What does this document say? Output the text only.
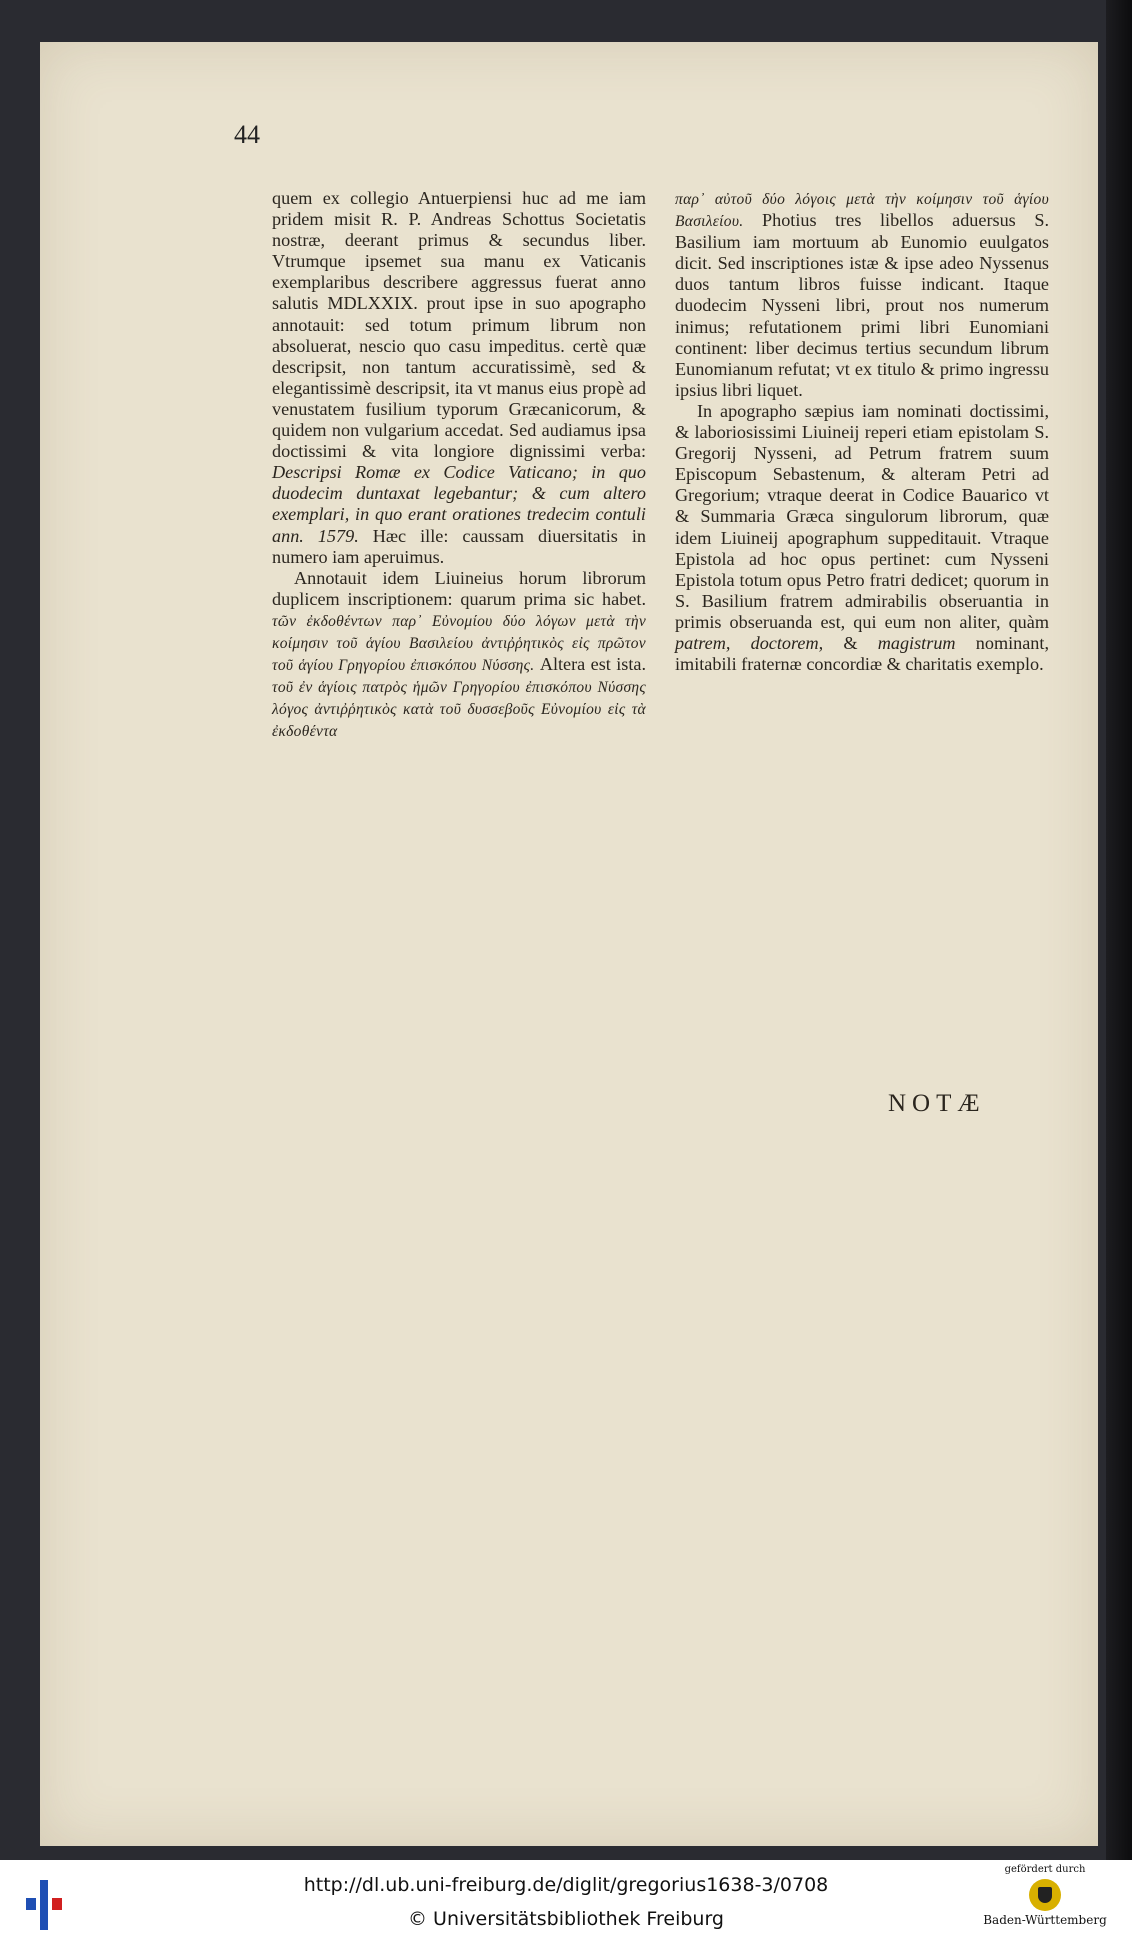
44

quem ex collegio Antuerpiensi huc ad me iam pridem misit R. P. Andreas Schottus Societatis nostræ, deerant primus & secundus liber. Vtrumque ipsemet sua manu ex Vaticanis exemplaribus describere aggressus fuerat anno salutis MDLXXIX. prout ipse in suo apographo annotauit: sed totum primum librum non absoluerat, nescio quo casu impeditus. certè quæ descripsit, non tantum accuratissimè, sed & elegantissimè descripsit, ita vt manus eius propè ad venustatem fusilium typorum Græcanicorum, & quidem non vulgarium accedat. Sed audiamus ipsa doctissimi & vita longiore dignissimi verba: Descripsi Romæ ex Codice Vaticano; in quo duodecim duntaxat legebantur; & cum altero exemplari, in quo erant orationes tredecim contuli ann. 1579. Hæc ille: caussam diuersitatis in numero iam aperuimus.

Annotauit idem Liuineius horum librorum duplicem inscriptionem: quarum prima sic habet. τῶν ἐκδοθέντων παρ᾽ Εὐνομίου δύο λόγων μετὰ τὴν κοίμησιν τοῦ ἁγίου Βασιλείου ἀντιῤῥητικὸς εἰς πρῶτον τοῦ ἁγίου Γρηγορίου ἐπισκόπου Νύσσης. Altera est ista. τοῦ ἐν ἁγίοις πατρὸς ἡμῶν Γρηγορίου ἐπισκόπου Νύσσης λόγος ἀντιῤῥητικὸς κατὰ τοῦ δυσσεβοῦς Εὐνομίου εἰς τὰ ἐκδοθέντα

παρ᾽ αὐτοῦ δύο λόγοις μετὰ τὴν κοίμησιν τοῦ ἁγίου Βασιλείου. Photius tres libellos aduersus S. Basilium iam mortuum ab Eunomio euulgatos dicit. Sed inscriptiones istæ & ipse adeo Nyssenus duos tantum libros fuisse indicant. Itaque duodecim Nysseni libri, prout nos numerum inimus; refutationem primi libri Eunomiani continent: liber decimus tertius secundum librum Eunomianum refutat; vt ex titulo & primo ingressu ipsius libri liquet.

In apographo sæpius iam nominati doctissimi, & laboriosissimi Liuineij reperi etiam epistolam S. Gregorij Nysseni, ad Petrum fratrem suum Episcopum Sebastenum, & alteram Petri ad Gregorium; vtraque deerat in Codice Bauarico vt & Summaria Græca singulorum librorum, quæ idem Liuineij apographum suppeditauit. Vtraque Epistola ad hoc opus pertinet: cum Nysseni Epistola totum opus Petro fratri dedicet; quorum in S. Basilium fratrem admirabilis obseruantia in primis obseruanda est, qui eum non aliter, quàm patrem, doctorem, & magistrum nominant, imitabili fraternæ concordiæ & charitatis exemplo.

NOTÆ
http://dl.ub.uni-freiburg.de/diglit/gregorius1638-3/0708
© Universitätsbibliothek Freiburg
gefördert durch
Baden-Württemberg
